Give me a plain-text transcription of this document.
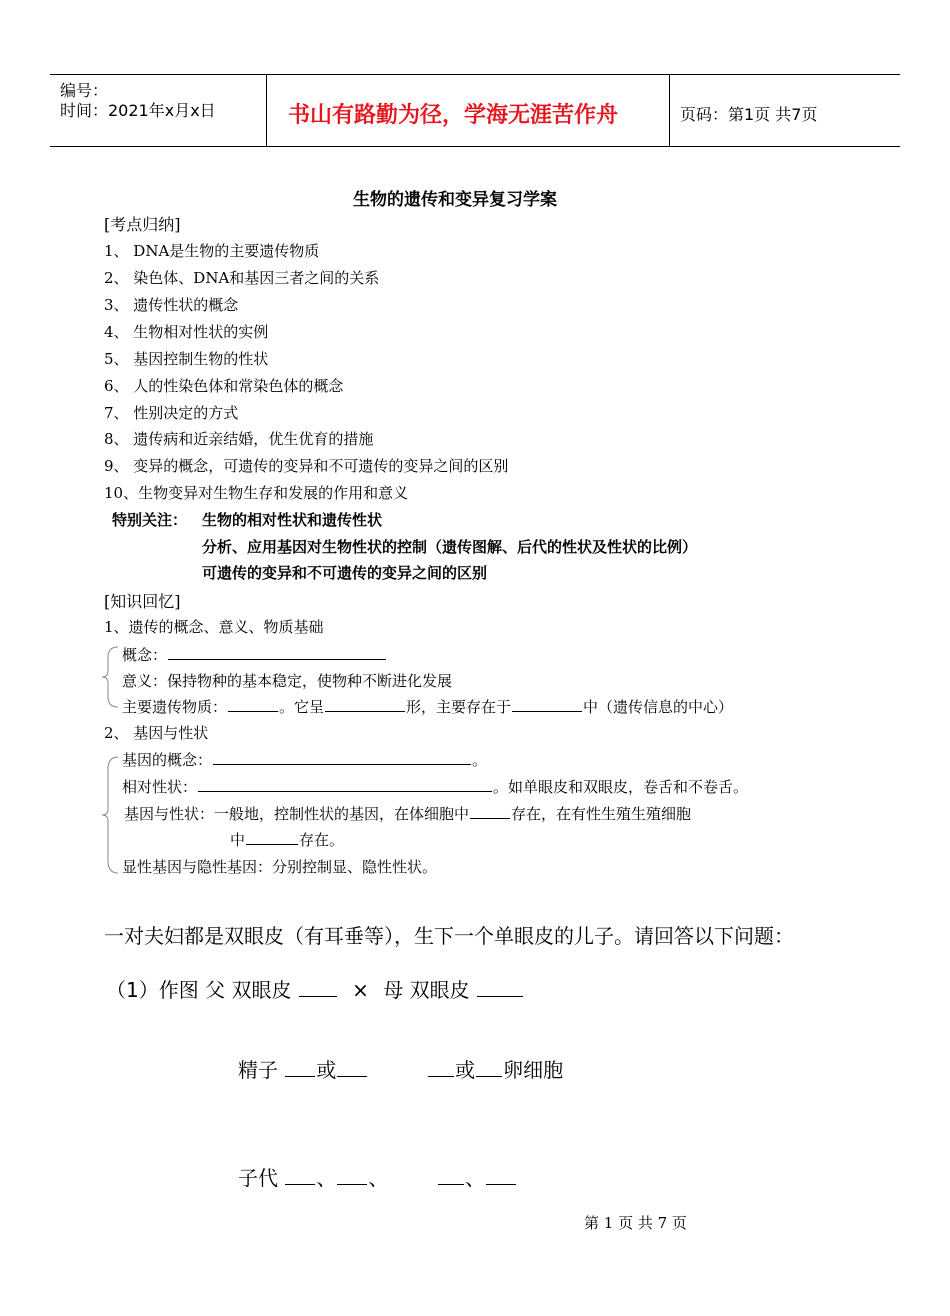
编号：
时间：2021年x月x日	书山有路勤为径，学海无涯苦作舟	页码：第1页 共7页
生物的遗传和变异复习学案
[考点归纳]
1、 DNA是生物的主要遗传物质
2、 染色体、DNA和基因三者之间的关系
3、 遗传性状的概念
4、 生物相对性状的实例
5、 基因控制生物的性状
6、 人的性染色体和常染色体的概念
7、 性别决定的方式
8、 遗传病和近亲结婚，优生优育的措施
9、 变异的概念，可遗传的变异和不可遗传的变异之间的区别
10、生物变异对生物生存和发展的作用和意义
特别关注： 生物的相对性状和遗传性状
分析、应用基因对生物性状的控制（遗传图解、后代的性状及性状的比例）
可遗传的变异和不可遗传的变异之间的区别
[知识回忆]
1、遗传的概念、意义、物质基础
概念：
意义：保持物种的基本稳定，使物种不断进化发展
主要遗传物质：	。它呈	形，主要存在于	中（遗传信息的中心）
2、 基因与性状
基因的概念：	。
相对性状：	。如单眼皮和双眼皮，卷舌和不卷舌。
基因与性状：一般地，控制性状的基因，在体细胞中	存在，在有性生殖生殖细胞
中	存在。
显性基因与隐性基因：分别控制显、隐性性状。
一对夫妇都是双眼皮（有耳垂等），生下一个单眼皮的儿子。请回答以下问题：
（1）作图 父 双眼皮	× 母 双眼皮
精子 或	或 卵细胞
子代 、 、	、
第 1 页 共 7 页
